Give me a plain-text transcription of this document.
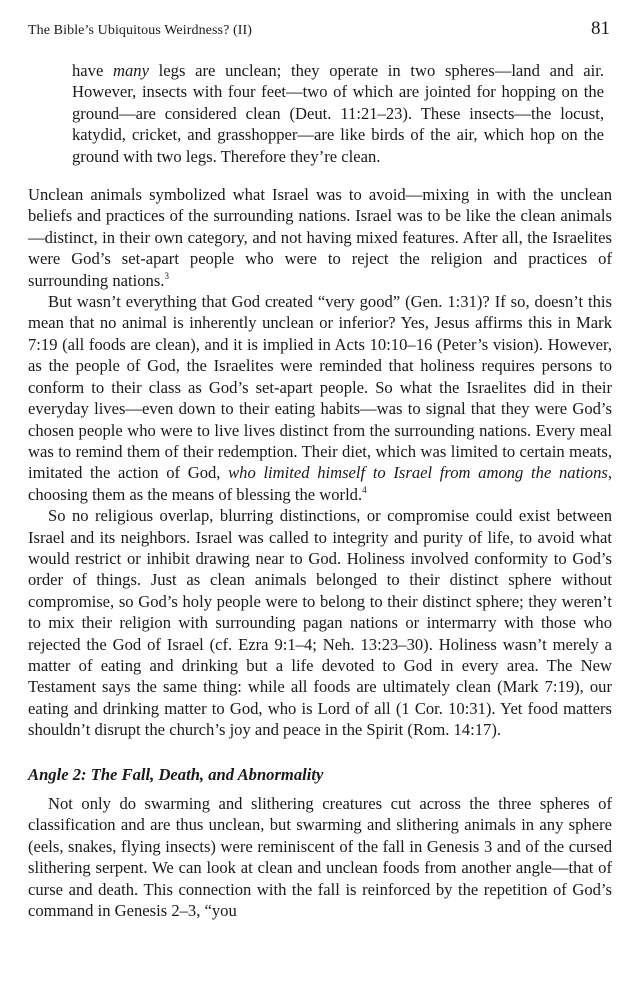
The Bible’s Ubiquitous Weirdness? (II)	81

have many legs are unclean; they operate in two spheres—land and air. However, insects with four feet—two of which are jointed for hopping on the ground—are considered clean (Deut. 11:21–23). These insects—the locust, katydid, cricket, and grasshopper—are like birds of the air, which hop on the ground with two legs. Therefore they’re clean.

Unclean animals symbolized what Israel was to avoid—mixing in with the unclean beliefs and practices of the surrounding nations. Israel was to be like the clean animals—distinct, in their own category, and not having mixed features. After all, the Israelites were God’s set-apart people who were to reject the religion and practices of surrounding nations.$^3$

But wasn’t everything that God created “very good” (Gen. 1:31)? If so, doesn’t this mean that no animal is inherently unclean or inferior? Yes, Jesus affirms this in Mark 7:19 (all foods are clean), and it is implied in Acts 10:10–16 (Peter’s vision). However, as the people of God, the Israelites were reminded that holiness requires persons to conform to their class as God’s set-apart people. So what the Israelites did in their everyday lives—even down to their eating habits—was to signal that they were God’s chosen people who were to live lives distinct from the surrounding nations. Every meal was to remind them of their redemption. Their diet, which was limited to certain meats, imitated the action of God, who limited himself to Israel from among the nations, choosing them as the means of blessing the world.$^4$

So no religious overlap, blurring distinctions, or compromise could exist between Israel and its neighbors. Israel was called to integrity and purity of life, to avoid what would restrict or inhibit drawing near to God. Holiness involved conformity to God’s order of things. Just as clean animals belonged to their distinct sphere without compromise, so God’s holy people were to belong to their distinct sphere; they weren’t to mix their religion with surrounding pagan nations or intermarry with those who rejected the God of Israel (cf. Ezra 9:1–4; Neh. 13:23–30). Holiness wasn’t merely a matter of eating and drinking but a life devoted to God in every area. The New Testament says the same thing: while all foods are ultimately clean (Mark 7:19), our eating and drinking matter to God, who is Lord of all (1 Cor. 10:31). Yet food matters shouldn’t disrupt the church’s joy and peace in the Spirit (Rom. 14:17).

Angle 2: The Fall, Death, and Abnormality

Not only do swarming and slithering creatures cut across the three spheres of classification and are thus unclean, but swarming and slithering animals in any sphere (eels, snakes, flying insects) were reminiscent of the fall in Genesis 3 and of the cursed slithering serpent. We can look at clean and unclean foods from another angle—that of curse and death. This connection with the fall is reinforced by the repetition of God’s command in Genesis 2–3, “you
